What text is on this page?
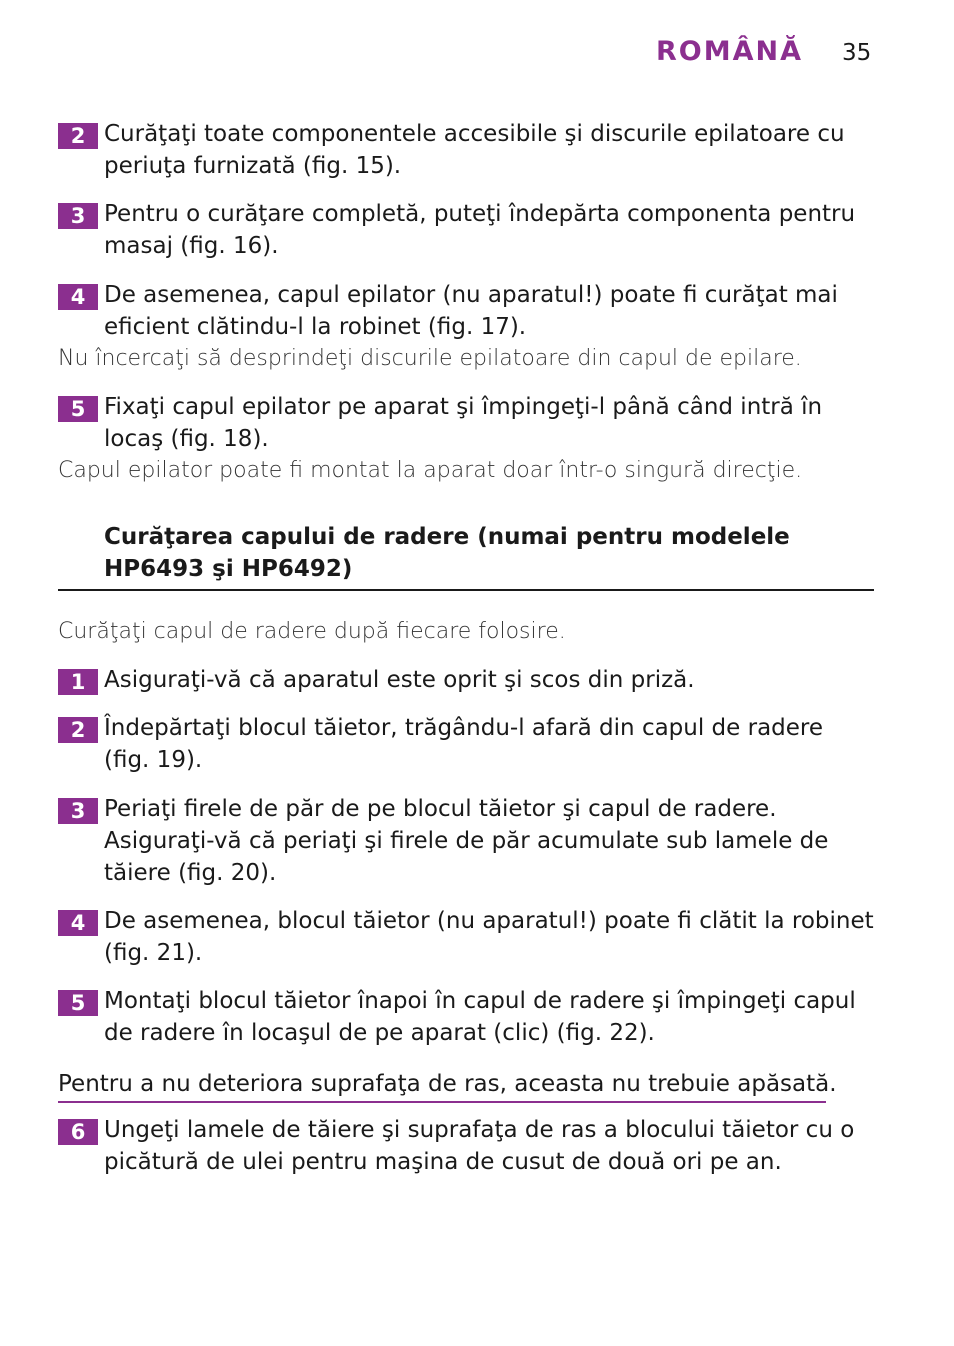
ROMÂNĂ 35
2 Curăţaţi toate componentele accesibile şi discurile epilatoare cu periuţa furnizată (fig. 15).
3 Pentru o curăţare completă, puteţi îndepărta componenta pentru masaj (fig. 16).
4 De asemenea, capul epilator (nu aparatul!) poate fi curăţat mai eficient clătindu-l la robinet (fig. 17).
Nu încercaţi să desprindeţi discurile epilatoare din capul de epilare.
5 Fixaţi capul epilator pe aparat şi împingeţi-l până când intră în locaş (fig. 18).
Capul epilator poate fi montat la aparat doar într-o singură direcţie.
Curăţarea capului de radere (numai pentru modelele HP6493 şi HP6492)
Curăţaţi capul de radere după fiecare folosire.
1 Asiguraţi-vă că aparatul este oprit şi scos din priză.
2 Îndepărtaţi blocul tăietor, trăgându-l afară din capul de radere (fig. 19).
3 Periaţi firele de păr de pe blocul tăietor şi capul de radere. Asiguraţi-vă că periaţi şi firele de păr acumulate sub lamele de tăiere (fig. 20).
4 De asemenea, blocul tăietor (nu aparatul!) poate fi clătit la robinet (fig. 21).
5 Montaţi blocul tăietor înapoi în capul de radere şi împingeţi capul de radere în locaşul de pe aparat (clic) (fig. 22).
Pentru a nu deteriora suprafaţa de ras, aceasta nu trebuie apăsată.
6 Ungeţi lamele de tăiere şi suprafaţa de ras a blocului tăietor cu o picătură de ulei pentru maşina de cusut de două ori pe an.
